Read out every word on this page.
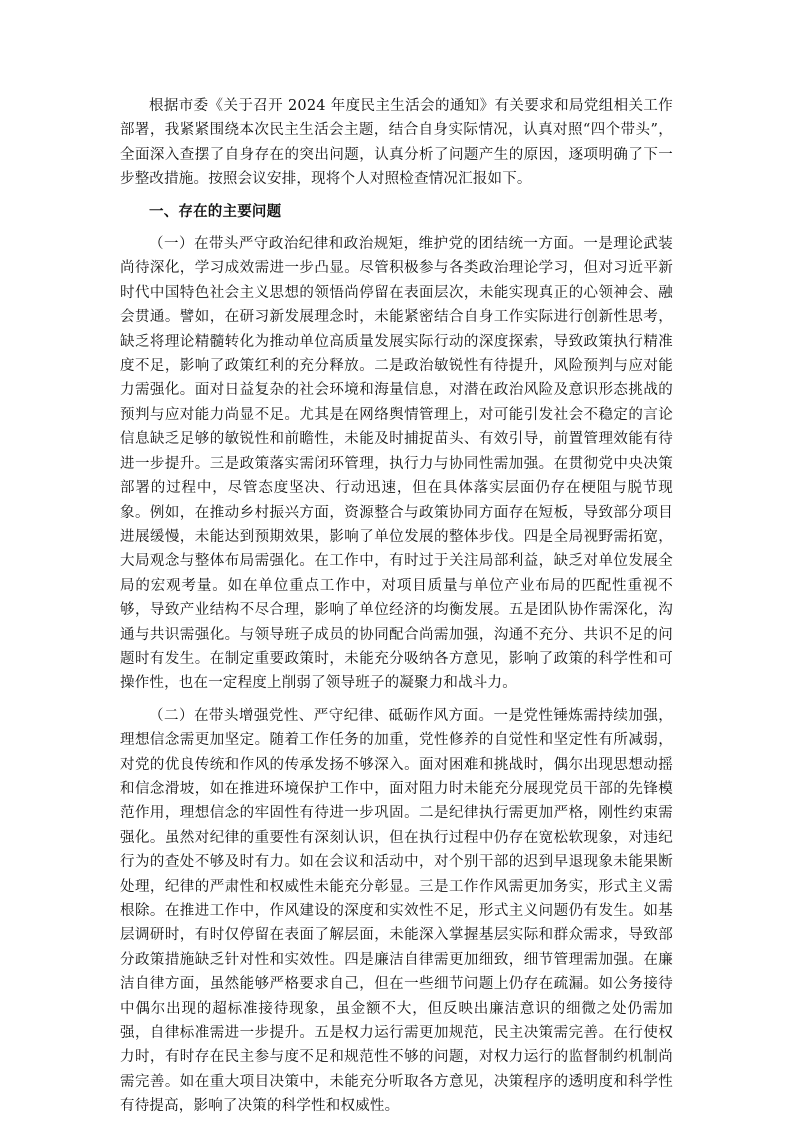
根据市委《关于召开 2024 年度民主生活会的通知》有关要求和局党组相关工作部署，我紧紧围绕本次民主生活会主题，结合自身实际情况，认真对照“四个带头”，全面深入查摆了自身存在的突出问题，认真分析了问题产生的原因，逐项明确了下一步整改措施。按照会议安排，现将个人对照检查情况汇报如下。

一、存在的主要问题

（一）在带头严守政治纪律和政治规矩，维护党的团结统一方面。一是理论武装尚待深化，学习成效需进一步凸显。尽管积极参与各类政治理论学习，但对习近平新时代中国特色社会主义思想的领悟尚停留在表面层次，未能实现真正的心领神会、融会贯通。譬如，在研习新发展理念时，未能紧密结合自身工作实际进行创新性思考，缺乏将理论精髓转化为推动单位高质量发展实际行动的深度探索，导致政策执行精准度不足，影响了政策红利的充分释放。二是政治敏锐性有待提升，风险预判与应对能力需强化。面对日益复杂的社会环境和海量信息，对潜在政治风险及意识形态挑战的预判与应对能力尚显不足。尤其是在网络舆情管理上，对可能引发社会不稳定的言论信息缺乏足够的敏锐性和前瞻性，未能及时捕捉苗头、有效引导，前置管理效能有待进一步提升。三是政策落实需闭环管理，执行力与协同性需加强。在贯彻党中央决策部署的过程中，尽管态度坚决、行动迅速，但在具体落实层面仍存在梗阻与脱节现象。例如，在推动乡村振兴方面，资源整合与政策协同方面存在短板，导致部分项目进展缓慢，未能达到预期效果，影响了单位发展的整体步伐。四是全局视野需拓宽，大局观念与整体布局需强化。在工作中，有时过于关注局部利益，缺乏对单位发展全局的宏观考量。如在单位重点工作中，对项目质量与单位产业布局的匹配性重视不够，导致产业结构不尽合理，影响了单位经济的均衡发展。五是团队协作需深化，沟通与共识需强化。与领导班子成员的协同配合尚需加强，沟通不充分、共识不足的问题时有发生。在制定重要政策时，未能充分吸纳各方意见，影响了政策的科学性和可操作性，也在一定程度上削弱了领导班子的凝聚力和战斗力。

（二）在带头增强党性、严守纪律、砥砺作风方面。一是党性锤炼需持续加强，理想信念需更加坚定。随着工作任务的加重，党性修养的自觉性和坚定性有所减弱，对党的优良传统和作风的传承发扬不够深入。面对困难和挑战时，偶尔出现思想动摇和信念滑坡，如在推进环境保护工作中，面对阻力时未能充分展现党员干部的先锋模范作用，理想信念的牢固性有待进一步巩固。二是纪律执行需更加严格，刚性约束需强化。虽然对纪律的重要性有深刻认识，但在执行过程中仍存在宽松软现象，对违纪行为的查处不够及时有力。如在会议和活动中，对个别干部的迟到早退现象未能果断处理，纪律的严肃性和权威性未能充分彰显。三是工作作风需更加务实，形式主义需根除。在推进工作中，作风建设的深度和实效性不足，形式主义问题仍有发生。如基层调研时，有时仅停留在表面了解层面，未能深入掌握基层实际和群众需求，导致部分政策措施缺乏针对性和实效性。四是廉洁自律需更加细致，细节管理需加强。在廉洁自律方面，虽然能够严格要求自己，但在一些细节问题上仍存在疏漏。如公务接待中偶尔出现的超标准接待现象，虽金额不大，但反映出廉洁意识的细微之处仍需加强，自律标准需进一步提升。五是权力运行需更加规范，民主决策需完善。在行使权力时，有时存在民主参与度不足和规范性不够的问题，对权力运行的监督制约机制尚需完善。如在重大项目决策中，未能充分听取各方意见，决策程序的透明度和科学性有待提高，影响了决策的科学性和权威性。
